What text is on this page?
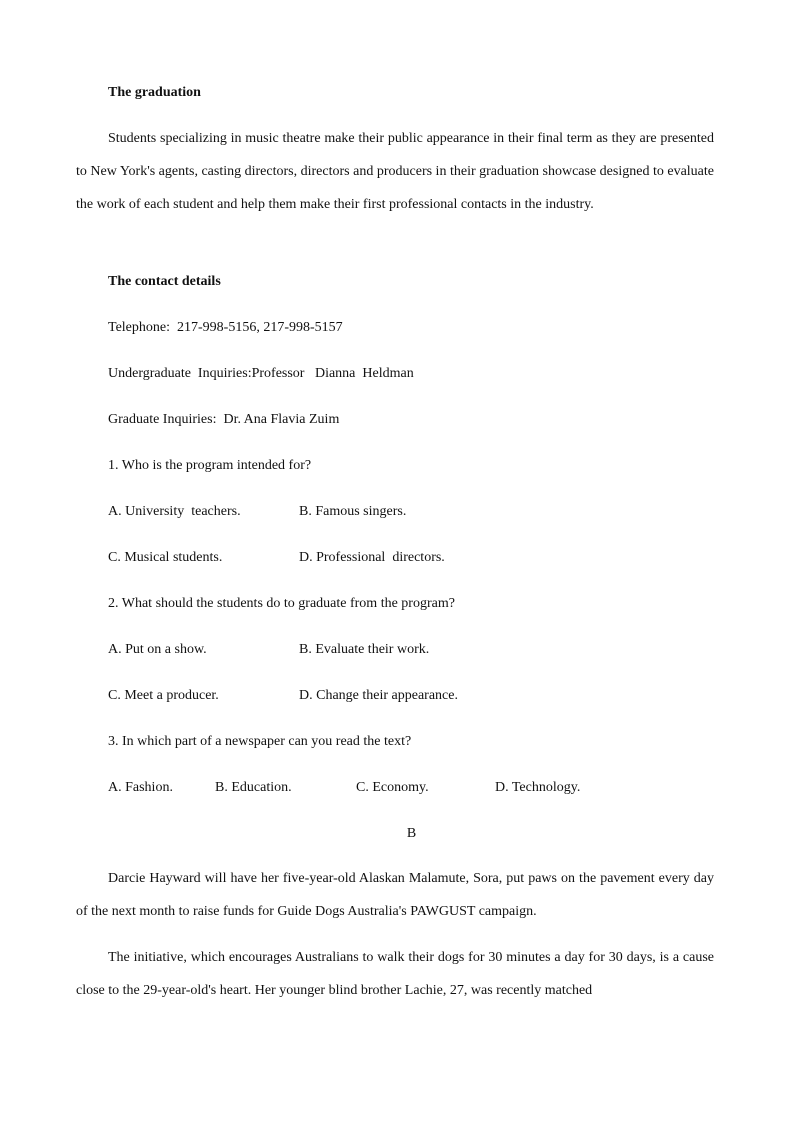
The graduation
Students specializing in music theatre make their public appearance in their final term as they are presented to New York's agents, casting directors, directors and producers in their graduation showcase designed to evaluate the work of each student and help them make their first professional contacts in the industry.
The contact details
Telephone:  217-998-5156, 217-998-5157
Undergraduate  Inquiries:Professor   Dianna  Heldman
Graduate Inquiries:  Dr. Ana Flavia Zuim
1. Who is the program intended for?
A. University  teachers.	B. Famous singers.
C. Musical students.	D. Professional  directors.
2. What should the students do to graduate from the program?
A. Put on a show.	B. Evaluate their work.
C. Meet a producer.	D. Change their appearance.
3. In which part of a newspaper can you read the text?
A. Fashion.	B. Education.	C. Economy.	D. Technology.
B
Darcie Hayward will have her five-year-old Alaskan Malamute, Sora, put paws on the pavement every day of the next month to raise funds for Guide Dogs Australia's PAWGUST campaign.
The initiative, which encourages Australians to walk their dogs for 30 minutes a day for 30 days, is a cause close to the 29-year-old's heart. Her younger blind brother Lachie, 27, was recently matched
